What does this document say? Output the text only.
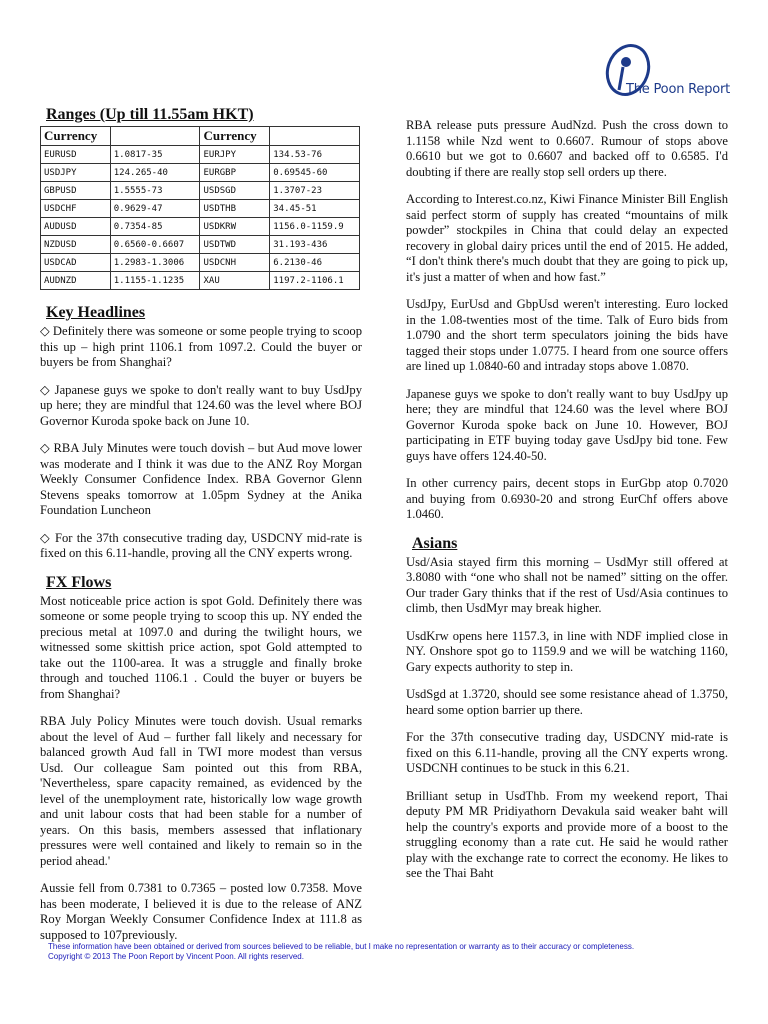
The Poon Report
Ranges (Up till 11.55am HKT)
Currency		Currency	
EURUSD	1.0817-35	EURJPY	134.53-76
USDJPY	124.265-40	EURGBP	0.69545-60
GBPUSD	1.5555-73	USDSGD	1.3707-23
USDCHF	0.9629-47	USDTHB	34.45-51
AUDUSD	0.7354-85	USDKRW	1156.0-1159.9
NZDUSD	0.6560-0.6607	USDTWD	31.193-436
USDCAD	1.2983-1.3006	USDCNH	6.2130-46
AUDNZD	1.1155-1.1235	XAU	1197.2-1106.1
Key Headlines

◇ Definitely there was someone or some people trying to scoop this up – high print 1106.1 from 1097.2. Could the buyer or buyers be from Shanghai?

◇ Japanese guys we spoke to don't really want to buy UsdJpy up here; they are mindful that 124.60 was the level where BOJ Governor Kuroda spoke back on June 10.

◇ RBA July Minutes were touch dovish – but Aud move lower was moderate and I think it was due to the ANZ Roy Morgan Weekly Consumer Confidence Index. RBA Governor Glenn Stevens speaks tomorrow at 1.05pm Sydney at the Anika Foundation Luncheon

◇ For the 37th consecutive trading day, USDCNY mid-rate is fixed on this 6.11-handle, proving all the CNY experts wrong.

FX Flows

Most noticeable price action is spot Gold. Definitely there was someone or some people trying to scoop this up. NY ended the precious metal at 1097.0 and during the twilight hours, we witnessed some skittish price action, spot Gold attempted to take out the 1100-area. It was a struggle and finally broke through and touched 1106.1 . Could the buyer or buyers be from Shanghai?

RBA July Policy Minutes were touch dovish. Usual remarks about the level of Aud – further fall likely and necessary for balanced growth Aud fall in TWI more modest than versus Usd. Our colleague Sam pointed out this from RBA, 'Nevertheless, spare capacity remained, as evidenced by the level of the unemployment rate, historically low wage growth and unit labour costs that had been stable for a number of years. On this basis, members assessed that inflationary pressures were well contained and likely to remain so in the period ahead.'

Aussie fell from 0.7381 to 0.7365 – posted low 0.7358. Move has been moderate, I believed it is due to the release of ANZ Roy Morgan Weekly Consumer Confidence Index at 111.8 as supposed to 107previously.

RBA release puts pressure AudNzd. Push the cross down to 1.1158 while Nzd went to 0.6607. Rumour of stops above 0.6610 but we got to 0.6607 and backed off to 0.6585. I'd doubting if there are really stop sell orders up there.

According to Interest.co.nz, Kiwi Finance Minister Bill English said perfect storm of supply has created “mountains of milk powder” stockpiles in China that could delay an expected recovery in global dairy prices until the end of 2015. He added, “I don't think there's much doubt that they are going to pick up, it's just a matter of when and how fast.”

UsdJpy, EurUsd and GbpUsd weren't interesting. Euro locked in the 1.08-twenties most of the time. Talk of Euro bids from 1.0790 and the short term speculators joining the bids have tagged their stops under 1.0775. I heard from one source offers are lined up 1.0840-60 and intraday stops above 1.0870.

Japanese guys we spoke to don't really want to buy UsdJpy up here; they are mindful that 124.60 was the level where BOJ Governor Kuroda spoke back on June 10. However, BOJ participating in ETF buying today gave UsdJpy bid tone. Few guys have offers 124.40-50.

In other currency pairs, decent stops in EurGbp atop 0.7020 and buying from 0.6930-20 and strong EurChf offers above 1.0460.

Asians

Usd/Asia stayed firm this morning – UsdMyr still offered at 3.8080 with “one who shall not be named” sitting on the offer. Our trader Gary thinks that if the rest of Usd/Asia continues to climb, then UsdMyr may break higher.

UsdKrw opens here 1157.3, in line with NDF implied close in NY. Onshore spot go to 1159.9 and we will be watching 1160, Gary expects authority to step in.

UsdSgd at 1.3720, should see some resistance ahead of 1.3750, heard some option barrier up there.

For the 37th consecutive trading day, USDCNY mid-rate is fixed on this 6.11-handle, proving all the CNY experts wrong. USDCNH continues to be stuck in this 6.21.

Brilliant setup in UsdThb. From my weekend report, Thai deputy PM MR Pridiyathorn Devakula said weaker baht will help the country's exports and provide more of a boost to the struggling economy than a rate cut. He said he would rather play with the exchange rate to correct the economy. He likes to see the Thai Baht

These information have been obtained or derived from sources believed to be reliable, but I make no representation or warranty as to their accuracy or completeness.
Copyright © 2013 The Poon Report by Vincent Poon. All rights reserved.
